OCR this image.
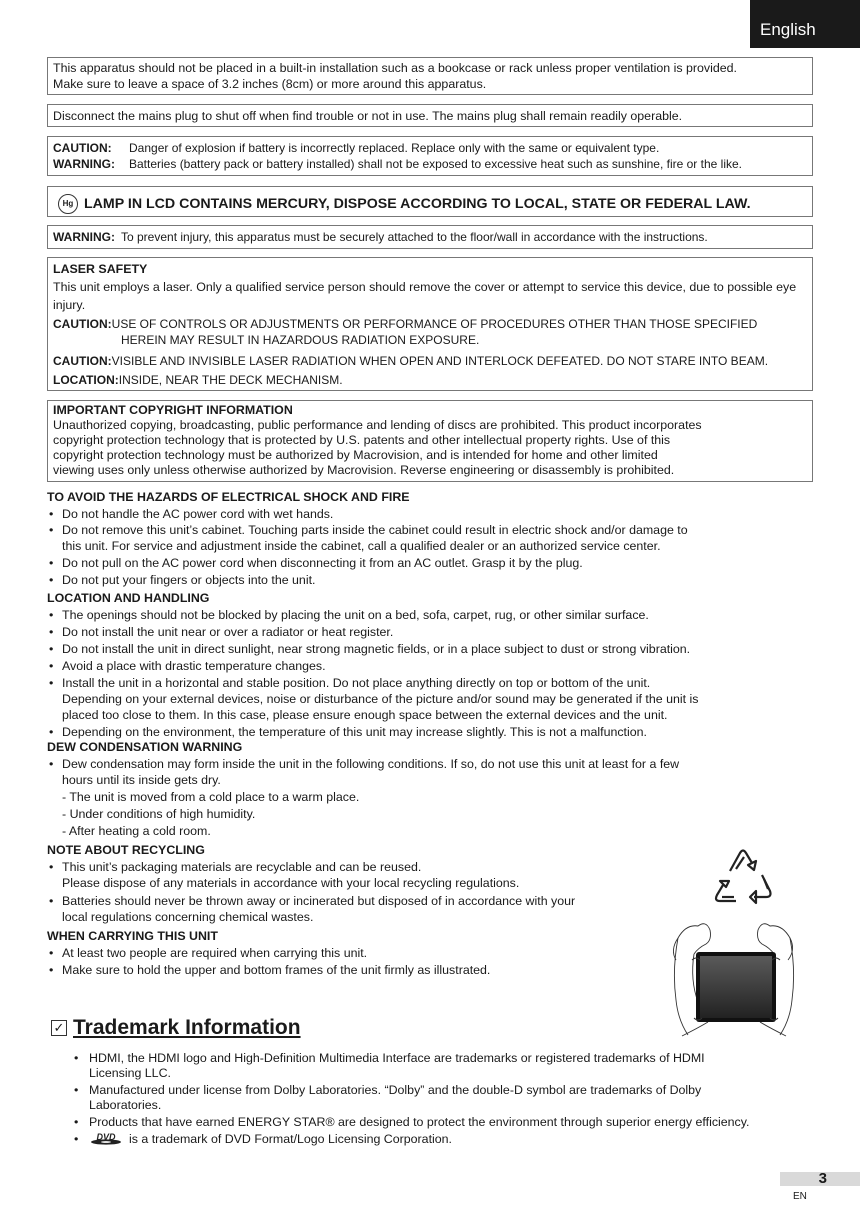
English
This apparatus should not be placed in a built-in installation such as a bookcase or rack unless proper ventilation is provided.
Make sure to leave a space of 3.2 inches (8cm) or more around this apparatus.
Disconnect the mains plug to shut off when find trouble or not in use. The mains plug shall remain readily operable.
CAUTION:	Danger of explosion if battery is incorrectly replaced. Replace only with the same or equivalent type.
WARNING:	Batteries (battery pack or battery installed) shall not be exposed to excessive heat such as sunshine, fire or the like.
Hg LAMP IN LCD CONTAINS MERCURY, DISPOSE ACCORDING TO LOCAL, STATE OR FEDERAL LAW.
WARNING: To prevent injury, this apparatus must be securely attached to the floor/wall in accordance with the instructions.
LASER SAFETY
This unit employs a laser. Only a qualified service person should remove the cover or attempt to service this device, due to possible eye injury.
CAUTION: USE OF CONTROLS OR ADJUSTMENTS OR PERFORMANCE OF PROCEDURES OTHER THAN THOSE SPECIFIED
HEREIN MAY RESULT IN HAZARDOUS RADIATION EXPOSURE.
CAUTION: VISIBLE AND INVISIBLE LASER RADIATION WHEN OPEN AND INTERLOCK DEFEATED. DO NOT STARE INTO BEAM.
LOCATION: INSIDE, NEAR THE DECK MECHANISM.
IMPORTANT COPYRIGHT INFORMATION
Unauthorized copying, broadcasting, public performance and lending of discs are prohibited. This product incorporates
copyright protection technology that is protected by U.S. patents and other intellectual property rights. Use of this
copyright protection technology must be authorized by Macrovision, and is intended for home and other limited
viewing uses only unless otherwise authorized by Macrovision. Reverse engineering or disassembly is prohibited.
TO AVOID THE HAZARDS OF ELECTRICAL SHOCK AND FIRE
• Do not handle the AC power cord with wet hands.
• Do not remove this unit’s cabinet. Touching parts inside the cabinet could result in electric shock and/or damage to
this unit. For service and adjustment inside the cabinet, call a qualified dealer or an authorized service center.
• Do not pull on the AC power cord when disconnecting it from an AC outlet. Grasp it by the plug.
• Do not put your fingers or objects into the unit.
LOCATION AND HANDLING
• The openings should not be blocked by placing the unit on a bed, sofa, carpet, rug, or other similar surface.
• Do not install the unit near or over a radiator or heat register.
• Do not install the unit in direct sunlight, near strong magnetic fields, or in a place subject to dust or strong vibration.
• Avoid a place with drastic temperature changes.
• Install the unit in a horizontal and stable position. Do not place anything directly on top or bottom of the unit.
Depending on your external devices, noise or disturbance of the picture and/or sound may be generated if the unit is
placed too close to them. In this case, please ensure enough space between the external devices and the unit.
• Depending on the environment, the temperature of this unit may increase slightly. This is not a malfunction.
DEW CONDENSATION WARNING
• Dew condensation may form inside the unit in the following conditions. If so, do not use this unit at least for a few
hours until its inside gets dry.
- The unit is moved from a cold place to a warm place.
- Under conditions of high humidity.
- After heating a cold room.
NOTE ABOUT RECYCLING
• This unit’s packaging materials are recyclable and can be reused.
Please dispose of any materials in accordance with your local recycling regulations.
• Batteries should never be thrown away or incinerated but disposed of in accordance with your
local regulations concerning chemical wastes.
WHEN CARRYING THIS UNIT
• At least two people are required when carrying this unit.
• Make sure to hold the upper and bottom frames of the unit firmly as illustrated.
✓ Trademark Information
• HDMI, the HDMI logo and High-Definition Multimedia Interface are trademarks or registered trademarks of HDMI
Licensing LLC.
• Manufactured under license from Dolby Laboratories. “Dolby” and the double-D symbol are trademarks of Dolby
Laboratories.
• Products that have earned ENERGY STAR® are designed to protect the environment through superior energy efficiency.
•	DVD is a trademark of DVD Format/Logo Licensing Corporation.
3
EN
